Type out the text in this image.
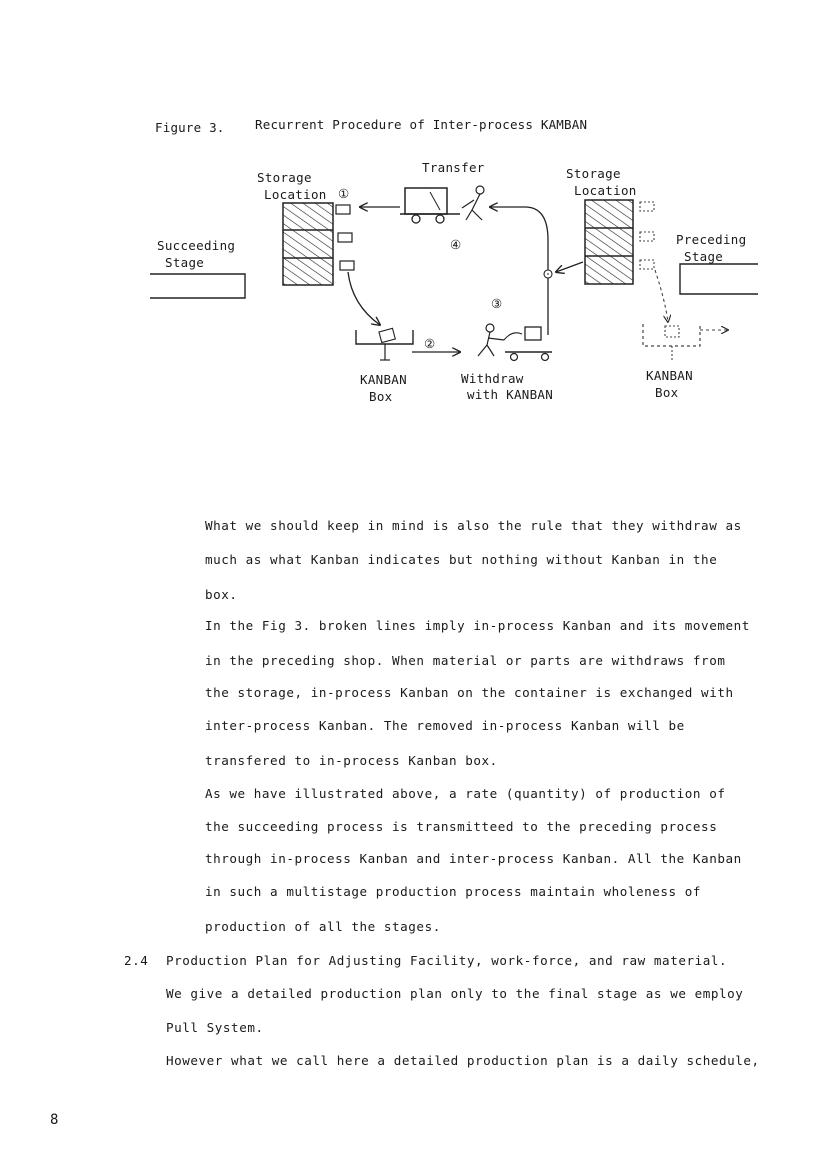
Figure 3. Recurrent Procedure of Inter-process KAMBAN
Storage
Location ①
Transfer	Storage
Location
Succeeding
Stage
Preceding
Stage
④
③
②
KANBAN
Box
Withdraw
with KANBAN
KANBAN
Box
What we should keep in mind is also the rule that they withdraw as
much as what Kanban indicates but nothing without Kanban in the
box.
In the Fig 3. broken lines imply in-process Kanban and its movement
in the preceding shop. When material or parts are withdraws from
the storage, in-process Kanban on the container is exchanged with
inter-process Kanban. The removed in-process Kanban will be
transfered to in-process Kanban box.
As we have illustrated above, a rate (quantity) of production of
the succeeding process is transmitteed to the preceding process
through in-process Kanban and inter-process Kanban. All the Kanban
in such a multistage production process maintain wholeness of
production of all the stages.
2.4 Production Plan for Adjusting Facility, work-force, and raw material.
We give a detailed production plan only to the final stage as we employ
Pull System.
However what we call here a detailed production plan is a daily schedule,
8
